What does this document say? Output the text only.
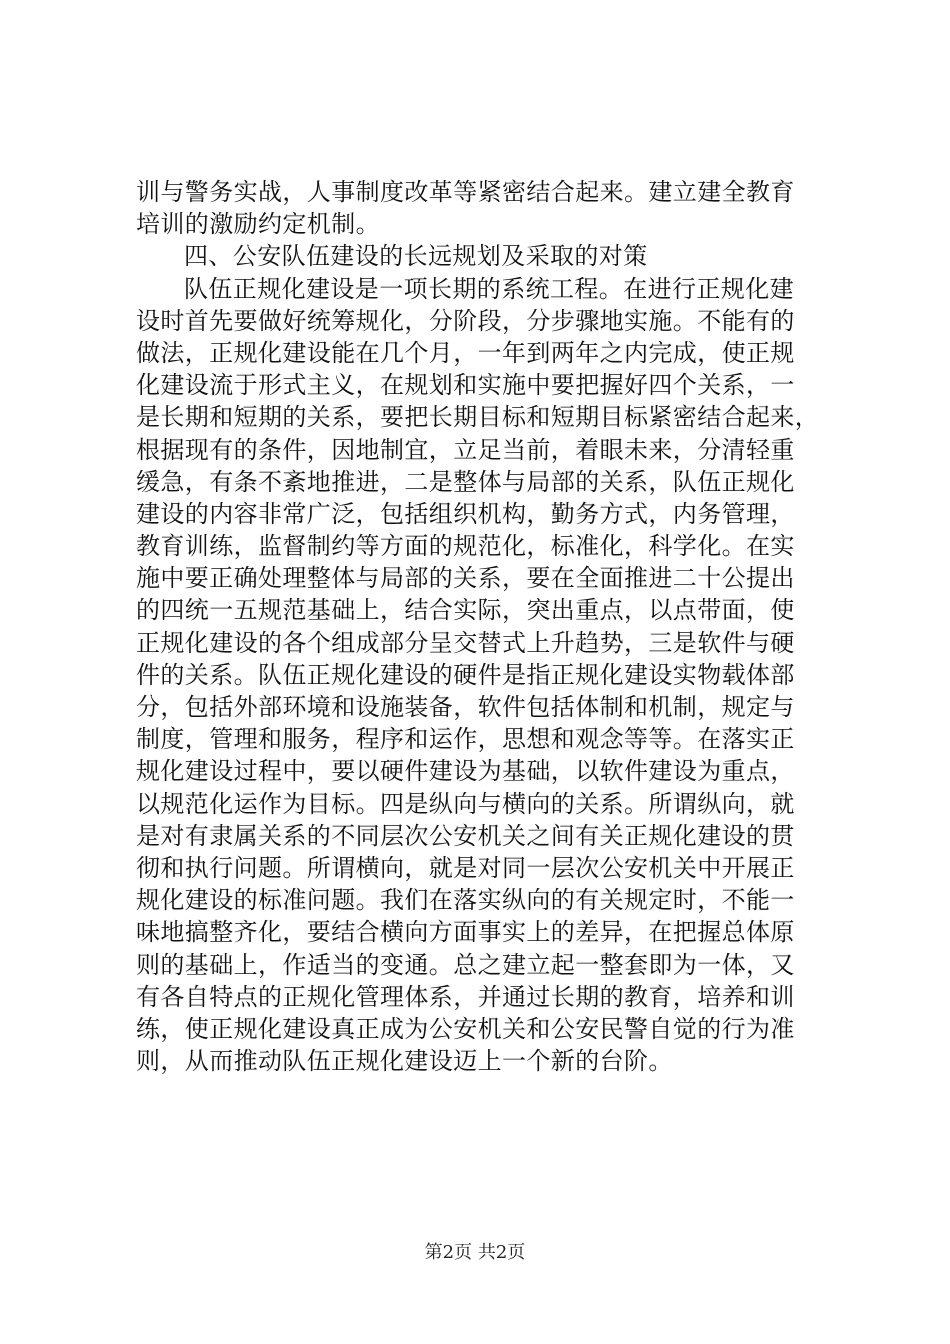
训与警务实战，人事制度改革等紧密结合起来。建立建全教育
培训的激励约定机制。
四、公安队伍建设的长远规划及采取的对策
队伍正规化建设是一项长期的系统工程。在进行正规化建
设时首先要做好统筹规化，分阶段，分步骤地实施。不能有的
做法，正规化建设能在几个月，一年到两年之内完成，使正规
化建设流于形式主义，在规划和实施中要把握好四个关系，一
是长期和短期的关系，要把长期目标和短期目标紧密结合起来，
根据现有的条件，因地制宜，立足当前，着眼未来，分清轻重
缓急，有条不紊地推进，二是整体与局部的关系，队伍正规化
建设的内容非常广泛，包括组织机构，勤务方式，内务管理，
教育训练，监督制约等方面的规范化，标准化，科学化。在实
施中要正确处理整体与局部的关系，要在全面推进二十公提出
的四统一五规范基础上，结合实际，突出重点，以点带面，使
正规化建设的各个组成部分呈交替式上升趋势，三是软件与硬
件的关系。队伍正规化建设的硬件是指正规化建设实物载体部
分，包括外部环境和设施装备，软件包括体制和机制，规定与
制度，管理和服务，程序和运作，思想和观念等等。在落实正
规化建设过程中，要以硬件建设为基础，以软件建设为重点，
以规范化运作为目标。四是纵向与横向的关系。所谓纵向，就
是对有隶属关系的不同层次公安机关之间有关正规化建设的贯
彻和执行问题。所谓横向，就是对同一层次公安机关中开展正
规化建设的标准问题。我们在落实纵向的有关规定时，不能一
味地搞整齐化，要结合横向方面事实上的差异，在把握总体原
则的基础上，作适当的变通。总之建立起一整套即为一体，又
有各自特点的正规化管理体系，并通过长期的教育，培养和训
练，使正规化建设真正成为公安机关和公安民警自觉的行为准
则，从而推动队伍正规化建设迈上一个新的台阶。
第2页 共2页
